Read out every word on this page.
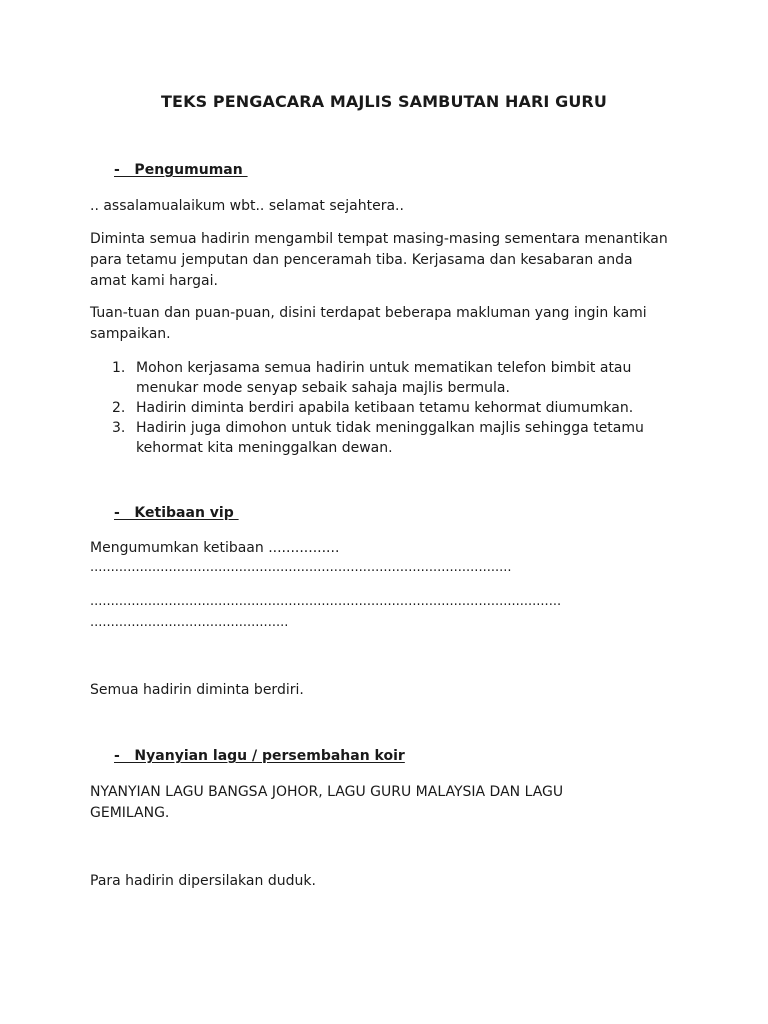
TEKS PENGACARA MAJLIS SAMBUTAN HARI GURU
-   Pengumuman
.. assalamualaikum wbt.. selamat sejahtera..
Diminta semua hadirin mengambil tempat masing-masing sementara menantikan para tetamu jemputan dan penceramah tiba. Kerjasama dan kesabaran anda amat kami hargai.
Tuan-tuan dan puan-puan, disini terdapat beberapa makluman yang ingin kami sampaikan.
1. Mohon kerjasama semua hadirin untuk mematikan telefon bimbit atau menukar mode senyap sebaik sahaja majlis bermula.
2. Hadirin diminta berdiri apabila ketibaan tetamu kehormat diumumkan.
3. Hadirin juga dimohon untuk tidak meninggalkan majlis sehingga tetamu kehormat kita meninggalkan dewan.
-   Ketibaan vip
Mengumumkan ketibaan ................
......................................................................................................
..................................................................................................................
................................................
Semua hadirin diminta berdiri.
-   Nyanyian lagu / persembahan koir
NYANYIAN LAGU BANGSA JOHOR, LAGU GURU MALAYSIA DAN LAGU GEMILANG.
Para hadirin dipersilakan duduk.
